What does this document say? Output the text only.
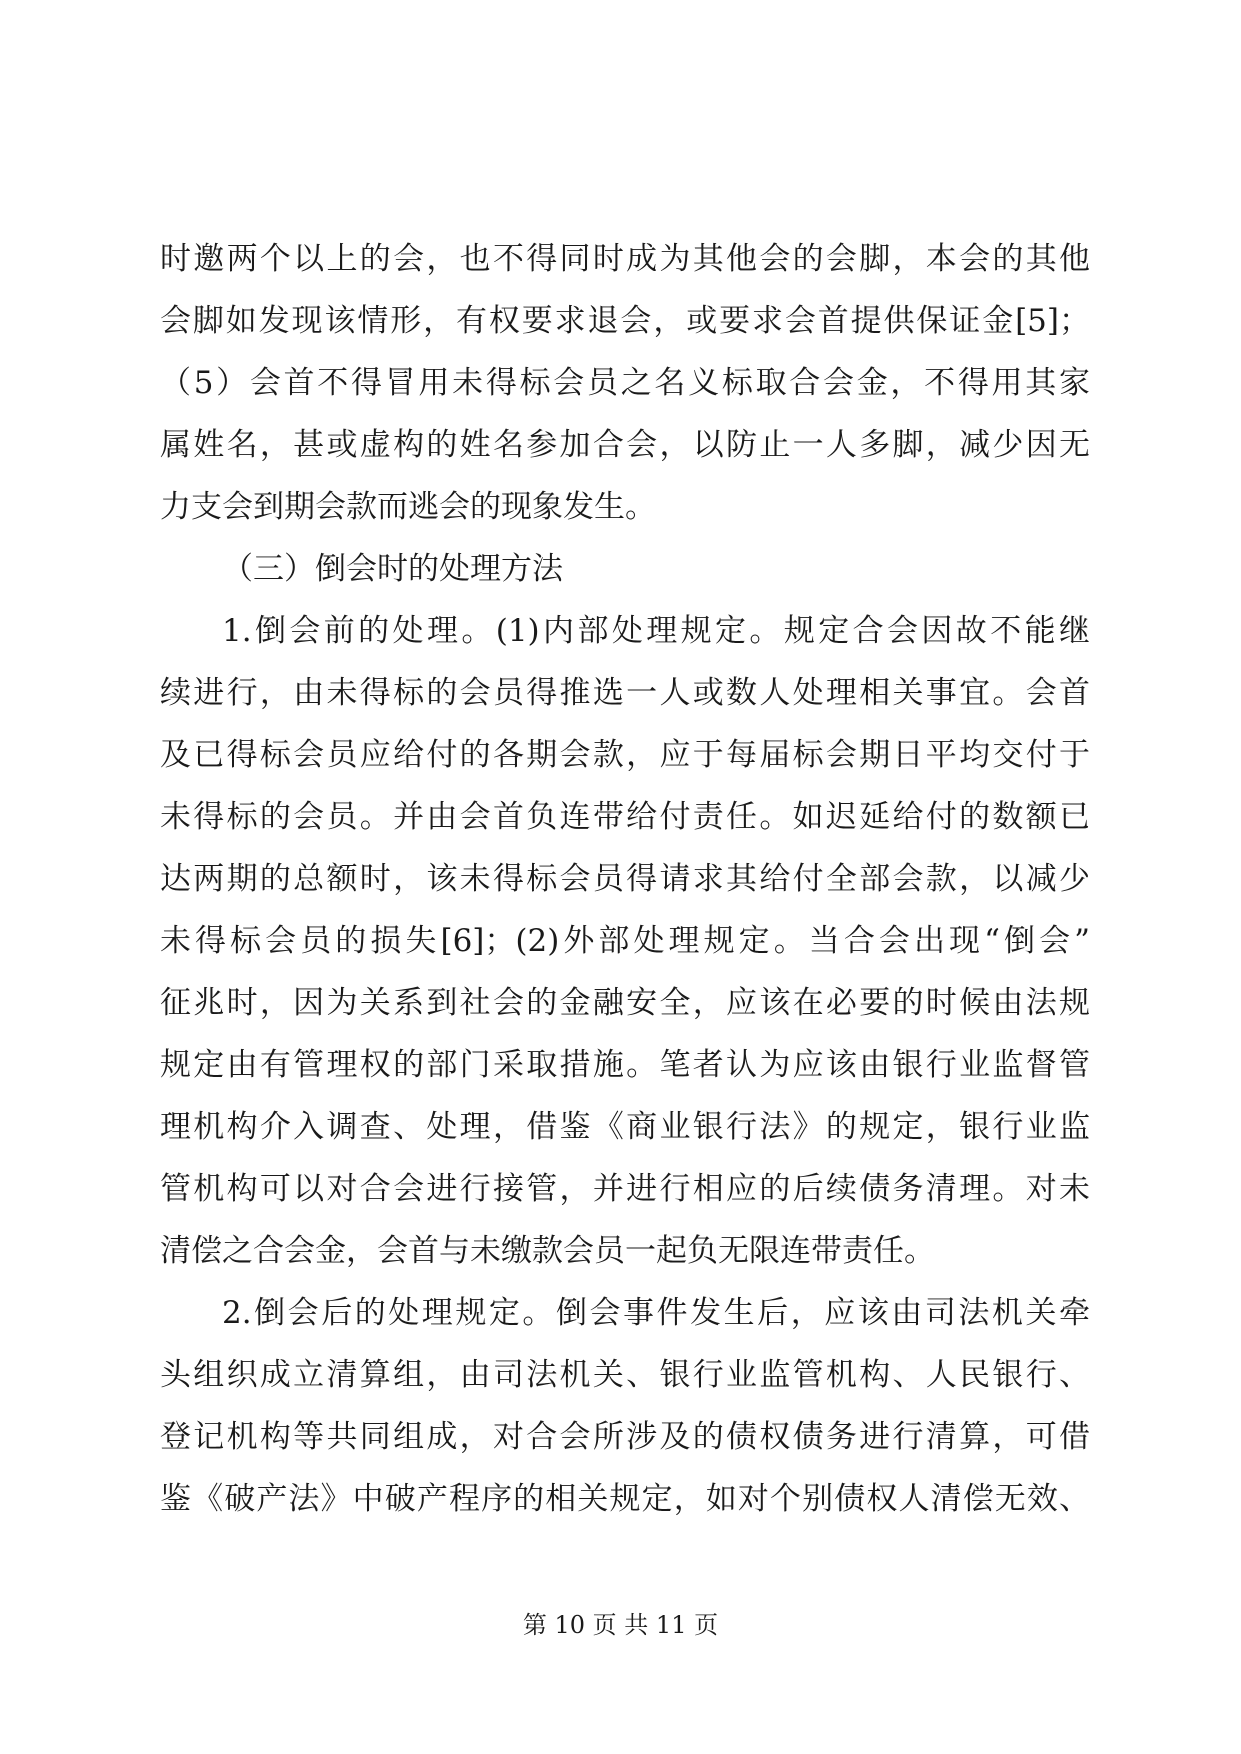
时邀两个以上的会，也不得同时成为其他会的会脚，本会的其他
会脚如发现该情形，有权要求退会，或要求会首提供保证金[5]；
（5）会首不得冒用未得标会员之名义标取合会金，不得用其家
属姓名，甚或虚构的姓名参加合会，以防止一人多脚，减少因无
力支会到期会款而逃会的现象发生。
（三）倒会时的处理方法
1.倒会前的处理。(1)内部处理规定。规定合会因故不能继
续进行，由未得标的会员得推选一人或数人处理相关事宜。会首
及已得标会员应给付的各期会款，应于每届标会期日平均交付于
未得标的会员。并由会首负连带给付责任。如迟延给付的数额已
达两期的总额时，该未得标会员得请求其给付全部会款，以减少
未得标会员的损失[6]；(2)外部处理规定。当合会出现“倒会”
征兆时，因为关系到社会的金融安全，应该在必要的时候由法规
规定由有管理权的部门采取措施。笔者认为应该由银行业监督管
理机构介入调查、处理，借鉴《商业银行法》的规定，银行业监
管机构可以对合会进行接管，并进行相应的后续债务清理。对未
清偿之合会金，会首与未缴款会员一起负无限连带责任。
2.倒会后的处理规定。倒会事件发生后，应该由司法机关牵
头组织成立清算组，由司法机关、银行业监管机构、人民银行、
登记机构等共同组成，对合会所涉及的债权债务进行清算，可借
鉴《破产法》中破产程序的相关规定，如对个别债权人清偿无效、
第 10 页 共 11 页
